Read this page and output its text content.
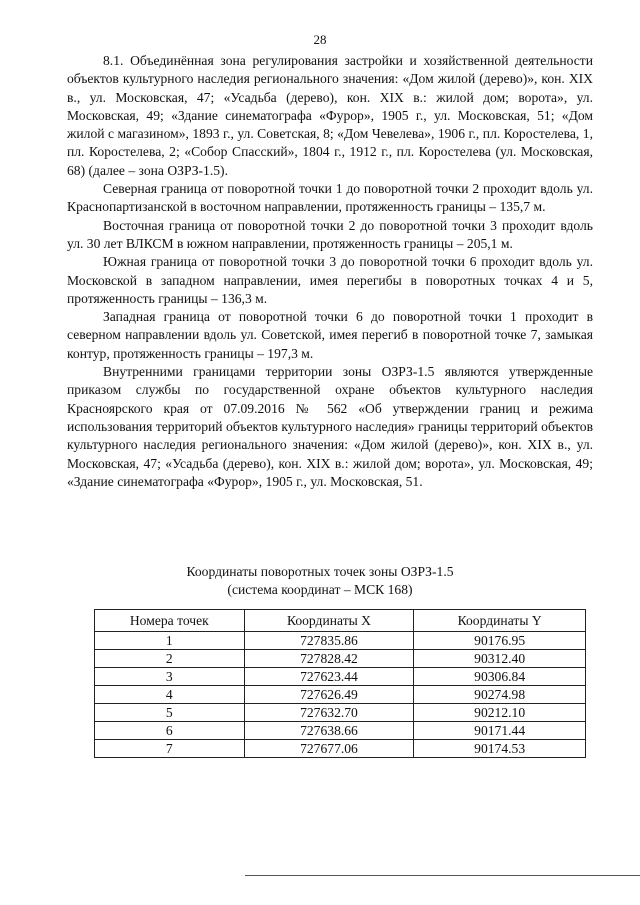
28

8.1. Объединённая зона регулирования застройки и хозяйственной деятельности объектов культурного наследия регионального значения: «Дом жилой (дерево)», кон. XIX в., ул. Московская, 47; «Усадьба (дерево), кон. XIX в.: жилой дом; ворота», ул. Московская, 49; «Здание синематографа «Фурор», 1905 г., ул. Московская, 51; «Дом жилой с магазином», 1893 г., ул. Советская, 8; «Дом Чевелева», 1906 г., пл. Коростелева, 1, пл. Коростелева, 2; «Собор Спасский», 1804 г., 1912 г., пл. Коростелева (ул. Московская, 68) (далее – зона ОЗРЗ-1.5).

Северная граница от поворотной точки 1 до поворотной точки 2 проходит вдоль ул. Краснопартизанской в восточном направлении, протяженность границы – 135,7 м.

Восточная граница от поворотной точки 2 до поворотной точки 3 проходит вдоль ул. 30 лет ВЛКСМ в южном направлении, протяженность границы – 205,1 м.

Южная граница от поворотной точки 3 до поворотной точки 6 проходит вдоль ул. Московской в западном направлении, имея перегибы в поворотных точках 4 и 5, протяженность границы – 136,3 м.

Западная граница от поворотной точки 6 до поворотной точки 1 проходит в северном направлении вдоль ул. Советской, имея перегиб в поворотной точке 7, замыкая контур, протяженность границы – 197,3 м.

Внутренними границами территории зоны ОЗРЗ-1.5 являются утвержденные приказом службы по государственной охране объектов культурного наследия Красноярского края от 07.09.2016 № 562 «Об утверждении границ и режима использования территорий объектов культурного наследия» границы территорий объектов культурного наследия регионального значения: «Дом жилой (дерево)», кон. XIX в., ул. Московская, 47; «Усадьба (дерево), кон. XIX в.: жилой дом; ворота», ул. Московская, 49; «Здание синематографа «Фурор», 1905 г., ул. Московская, 51.

Координаты поворотных точек зоны ОЗРЗ-1.5
(система координат – МСК 168)
Номера точек	Координаты X	Координаты Y
1	727835.86	90176.95
2	727828.42	90312.40
3	727623.44	90306.84
4	727626.49	90274.98
5	727632.70	90212.10
6	727638.66	90171.44
7	727677.06	90174.53
